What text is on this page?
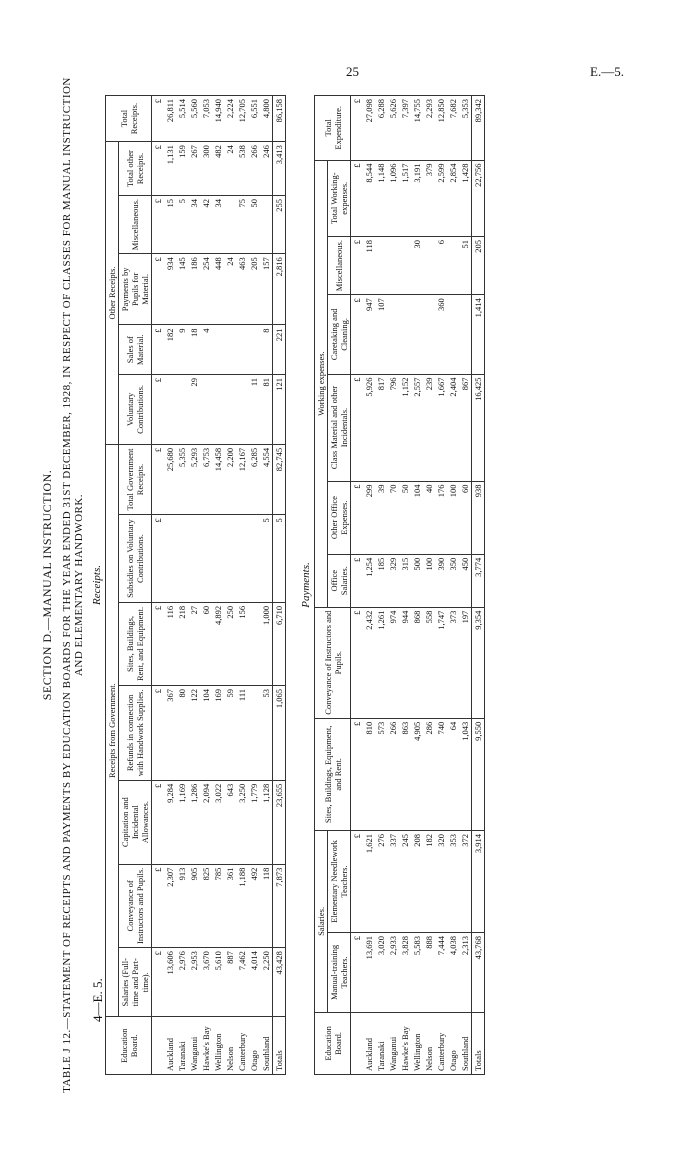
25	E.—5.
4—E. 5.
SECTION D.—MANUAL INSTRUCTION. TABLE J 12.—STATEMENT OF RECEIPTS AND PAYMENTS BY EDUCATION BOARDS FOR THE YEAR ENDED 31ST DECEMBER, 1928, IN RESPECT OF CLASSES FOR MANUAL INSTRUCTION AND ELEMENTARY HANDWORK. Receipts.
Education Board.	Receipts from Government.							Other Receipts.					Total Receipts.
	Salaries (Full-time and Part-time).	Conveyance of Instructors and Pupils.	Capitation and Incidental Allowances.	Refunds in connection with Handwork Supplies.	Sites, Buildings, Rent, and Equipment.	Subsidies on Voluntary Contributions.	Total Government Receipts.	Voluntary Contributions.	Sales of Material.	Payments by Pupils for Material.	Miscellaneous.	Total other Receipts.	
	£	£	£	£	£	£	£	£	£	£	£	£	£
Auckland	13,606	2,307	9,284	367	116		25,680		182	934	15	1,131	26,811
Taranaki	2,976	913	1,169	80	218		5,355		9	145	5	159	5,514
Wanganui	2,953	905	1,286	122	27		5,293	29	18	186	34	267	5,560
Hawke's Bay	3,670	825	2,094	104	60		6,753		4	254	42	300	7,053
Wellington	5,610	785	3,022	169	4,892		14,458			448	34	482	14,940
Nelson	887	361	643	59	250		2,200			24		24	2,224
Canterbury	7,462	1,188	3,250	111	156		12,167			463	75	538	12,705
Otago	4,014	492	1,779				6,285	11		205	50	266	6,551
Southland	2,250	118	1,128	53	1,000	5	4,554	81	8	157		246	4,800
Totals	43,428	7,873	23,655	1,065	6,710	5	82,745	121	221	2,816	255	3,413	86,158
Payments.
Education Board.	Salaries.		Sites, Buildings, Equipment, and Rent.	Conveyance of Instructors and Pupils.	Working expenses.						Total Expenditure.
	Manual-training Teachers.	Elementary Needlework Teachers.			Office Salaries.	Other Office Expenses.	Class Material and other Incidentals.	Caretaking and Cleaning.	Miscellaneous.	Total Working-expenses.	
	£	£	£	£	£	£	£	£	£	£	£
Auckland	13,691	1,621	810	2,432	1,254	299	5,926	947	118	8,544	27,098
Taranaki	3,020	276	573	1,261	185	39	817	107		1,148	6,288
Wanganui	2,933	337	266	974	329	70	796			1,096	5,626
Hawke's Bay	3,828	245	863	944	315	50	1,152			1,517	7,397
Wellington	5,583	208	4,905	868	500	104	2,557		30	3,191	14,755
Nelson	888	182	286	558	100	40	239			379	2,293
Canterbury	7,444	320	740	1,747	390	176	1,667	360	6	2,599	12,850
Otago	4,038	353	64	373	350	100	2,404			2,854	7,682
Southland	2,313	372	1,043	197	450	60	867		51	1,428	5,353
Totals	43,768	3,914	9,550	9,354	3,774	938	16,425	1,414	205	22,756	89,342
